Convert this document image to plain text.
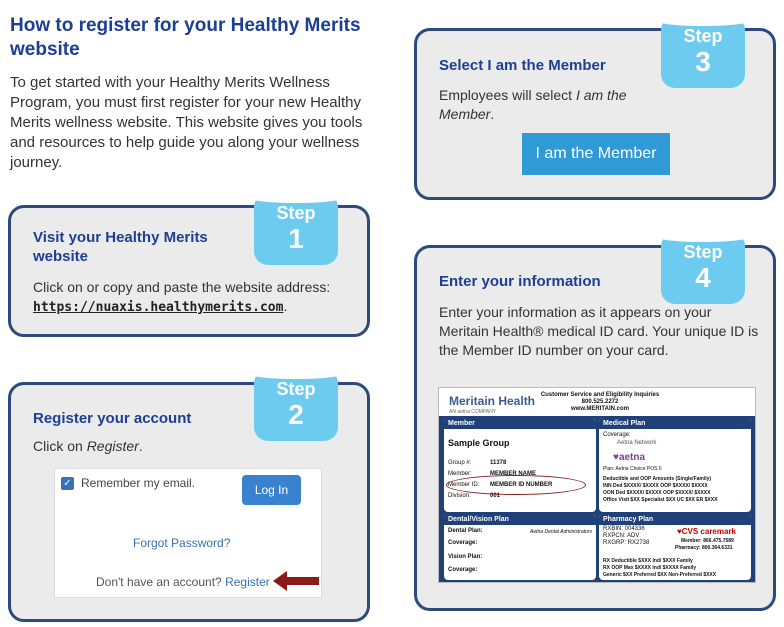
How to register for your Healthy Merits website
To get started with your Healthy Merits Wellness Program, you must first register for your new Healthy Merits wellness website. This website gives you tools and resources to help guide you along your wellness journey.
Visit your Healthy Merits website
Click on or copy and paste the website address:
https://nuaxis.healthymerits.com.
Step
1
Register your account
Click on Register.
Step
2
✓ Remember my email.	Log In
Forgot Password?
Don't have an account? Register
Select I am the Member
Employees will select I am the Member.
Step
3
I am the Member
Enter your information
Enter your information as it appears on your Meritain Health® medical ID card. Your unique ID is the Member ID number on your card.
Step
4
Meritain Health
AN aetna COMPANY
Customer Service and Eligibility Inquiries
800.525.2272
www.MERITAIN.com
Member
Sample Group
Group #:	11378
Member:	MEMBER NAME
Member ID: MEMBER ID NUMBER
Division:	001
Medical Plan
Coverage:
Aetna Network
♥aetna
Plan: Aetna Choice POS II
Deductible and OOP Amounts (Single/Family)
INN Ded $XXXX/ $XXXX OOP $XXXX/ $XXXX
OON Ded $XXXX/ $XXXX OOP $XXXX/ $XXXX
Office Visit $XX Specialist $XX UC $XX ER $XXX
Dental/Vision Plan
Dental Plan:	Aetna Dental Administrators
Coverage:
Vision Plan:
Coverage:
Pharmacy Plan
RXBIN: 004336
RXPCN: ADV
RXGRP: RX2738
♥CVS caremark
Member: 866.475.7589
Pharmacy: 800.364.6331
RX Deductible $XXX Ind/ $XXX Family
RX OOP Max $XXXX Ind/ $XXXX Family
Generic $XX Preferred $XX Non-Preferred $XXX
